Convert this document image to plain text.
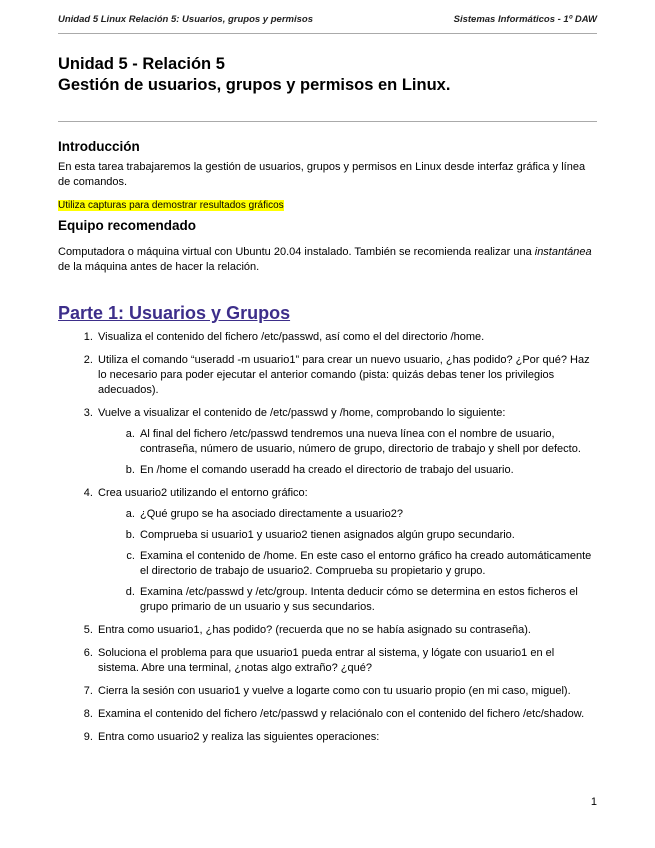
Unidad 5 Linux Relación 5: Usuarios, grupos y permisos	Sistemas Informáticos - 1º DAW
Unidad 5 - Relación 5
Gestión de usuarios, grupos y permisos en Linux.

Introducción

En esta tarea trabajaremos la gestión de usuarios, grupos y permisos en Linux desde interfaz gráfica y línea de comandos.

Utiliza capturas para demostrar resultados gráficos

Equipo recomendado

Computadora o máquina virtual con Ubuntu 20.04 instalado. También se recomienda realizar una instantánea de la máquina antes de hacer la relación.

Parte 1: Usuarios y Grupos

1. Visualiza el contenido del fichero /etc/passwd, así como el del directorio /home.
2. Utiliza el comando “useradd -m usuario1” para crear un nuevo usuario, ¿has podido? ¿Por qué? Haz lo necesario para poder ejecutar el anterior comando (pista: quizás debas tener los privilegios adecuados).
3. Vuelve a visualizar el contenido de /etc/passwd y /home, comprobando lo siguiente:
a. Al final del fichero /etc/passwd tendremos una nueva línea con el nombre de usuario, contraseña, número de usuario, número de grupo, directorio de trabajo y shell por defecto.
b. En /home el comando useradd ha creado el directorio de trabajo del usuario.
4. Crea usuario2 utilizando el entorno gráfico:
a. ¿Qué grupo se ha asociado directamente a usuario2?
b. Comprueba si usuario1 y usuario2 tienen asignados algún grupo secundario.
c. Examina el contenido de /home. En este caso el entorno gráfico ha creado automáticamente el directorio de trabajo de usuario2. Comprueba su propietario y grupo.
d. Examina /etc/passwd y /etc/group. Intenta deducir cómo se determina en estos ficheros el grupo primario de un usuario y sus secundarios.
5. Entra como usuario1, ¿has podido? (recuerda que no se había asignado su contraseña).
6. Soluciona el problema para que usuario1 pueda entrar al sistema, y lógate con usuario1 en el sistema. Abre una terminal, ¿notas algo extraño? ¿qué?
7. Cierra la sesión con usuario1 y vuelve a logarte como con tu usuario propio (en mi caso, miguel).
8. Examina el contenido del fichero /etc/passwd y relaciónalo con el contenido del fichero /etc/shadow.
9. Entra como usuario2 y realiza las siguientes operaciones:
1
